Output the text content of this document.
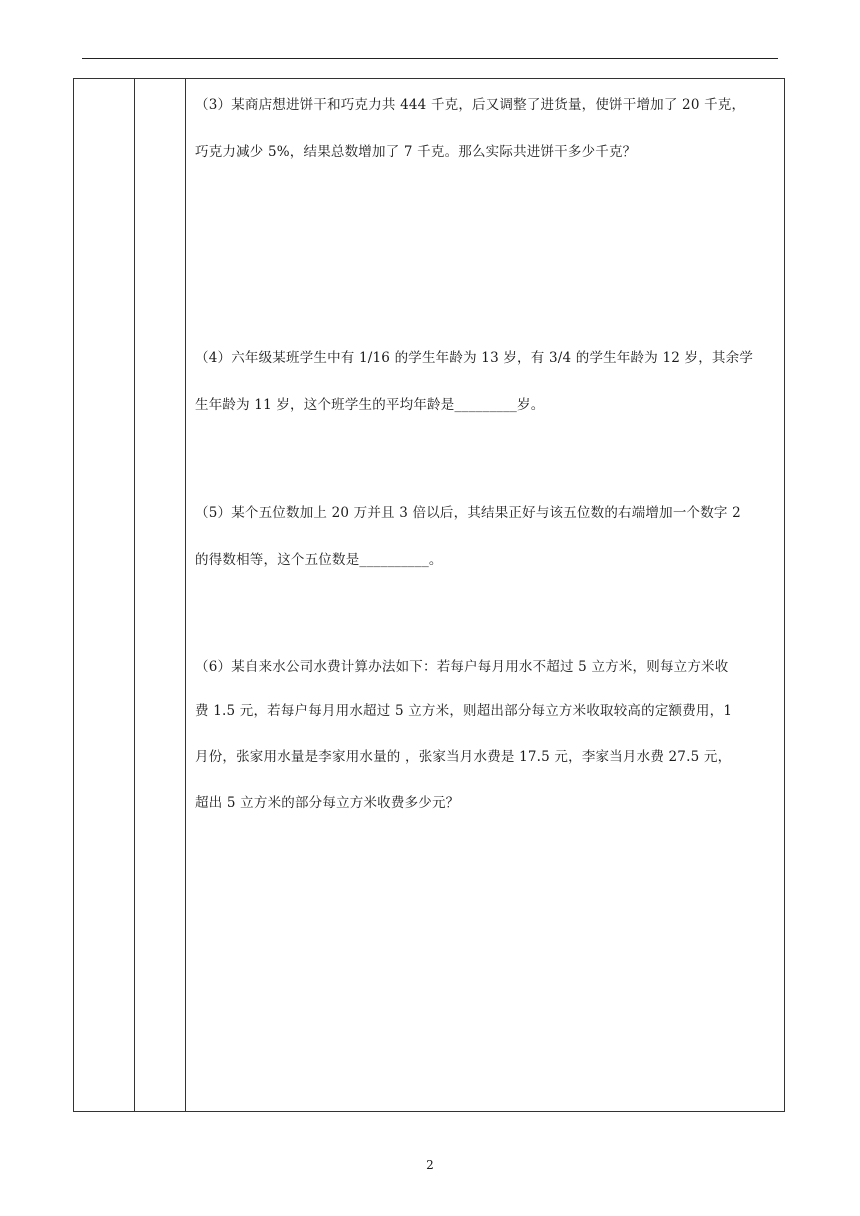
（3）某商店想进饼干和巧克力共 444 千克，后又调整了进货量，使饼干增加了 20 千克，
巧克力减少 5%，结果总数增加了 7 千克。那么实际共进饼干多少千克？
（4）六年级某班学生中有 1/16 的学生年龄为 13 岁，有 3/4 的学生年龄为 12 岁，其余学
生年龄为 11 岁，这个班学生的平均年龄是_________岁。
（5）某个五位数加上 20 万并且 3 倍以后，其结果正好与该五位数的右端增加一个数字 2
的得数相等，这个五位数是__________。
（6）某自来水公司水费计算办法如下：若每户每月用水不超过 5 立方米，则每立方米收
费 1.5 元，若每户每月用水超过 5 立方米，则超出部分每立方米收取较高的定额费用，1
月份，张家用水量是李家用水量的 ，张家当月水费是 17.5 元，李家当月水费 27.5 元，
超出 5 立方米的部分每立方米收费多少元？
2
